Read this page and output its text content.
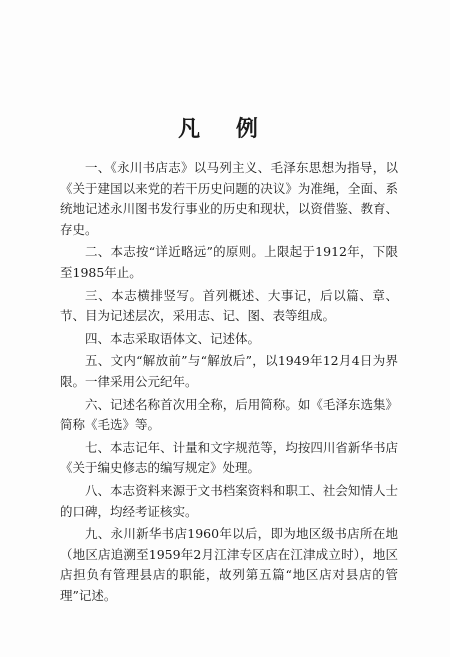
凡 例

一、《永川书店志》以马列主义、毛泽东思想为指导，以《关于建国以来党的若干历史问题的决议》为准绳，全面、系统地记述永川图书发行事业的历史和现状，以资借鉴、教育、存史。

二、本志按“详近略远”的原则。上限起于1912年，下限至1985年止。

三、本志横排竖写。首列概述、大事记，后以篇、章、节、目为记述层次，采用志、记、图、表等组成。

四、本志采取语体文、记述体。

五、文内“解放前”与“解放后”，以1949年12月4日为界限。一律采用公元纪年。

六、记述名称首次用全称，后用简称。如《毛泽东选集》简称《毛选》等。

七、本志记年、计量和文字规范等，均按四川省新华书店《关于编史修志的编写规定》处理。

八、本志资料来源于文书档案资料和职工、社会知情人士的口碑，均经考证核实。

九、永川新华书店1960年以后，即为地区级书店所在地（地区店追溯至1959年2月江津专区店在江津成立时），地区店担负有管理县店的职能，故列第五篇“地区店对县店的管理”记述。
